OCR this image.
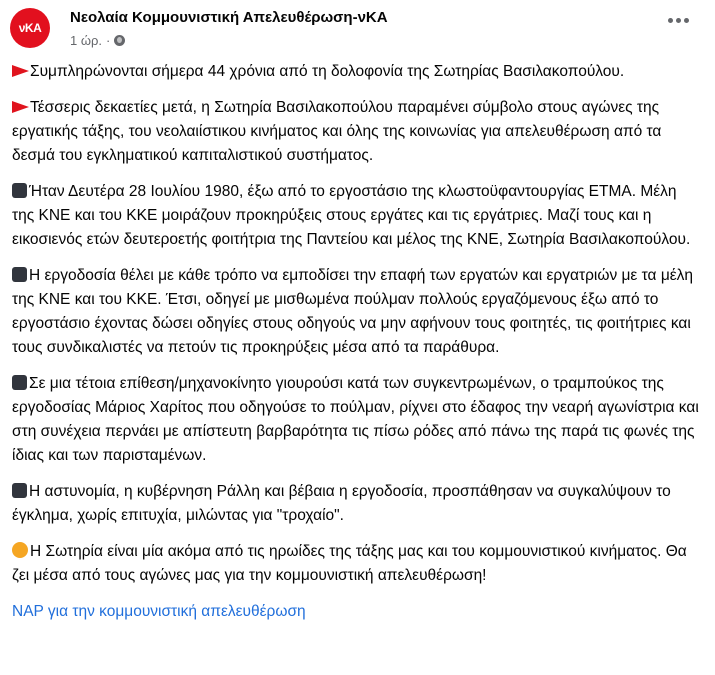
νKA
Νεολαία Κομμουνιστική Απελευθέρωση-νΚΑ
1 ώρ. ·

Συμπληρώνονται σήμερα 44 χρόνια από τη δολοφονία της Σωτηρίας Βασιλακοπούλου.

Τέσσερις δεκαετίες μετά, η Σωτηρία Βασιλακοπούλου παραμένει σύμβολο στους αγώνες της εργατικής τάξης, του νεολαιίστικου κινήματος και όλης της κοινωνίας για απελευθέρωση από τα δεσμά του εγκληματικού καπιταλιστικού συστήματος.

Ήταν Δευτέρα 28 Ιουλίου 1980, έξω από το εργοστάσιο της κλωστοϋφαντουργίας ΕΤΜΑ. Μέλη της ΚΝΕ και του ΚΚΕ μοιράζουν προκηρύξεις στους εργάτες και τις εργάτριες. Μαζί τους και η εικοσιενός ετών δευτεροετής φοιτήτρια της Παντείου και μέλος της ΚΝΕ, Σωτηρία Βασιλακοπούλου.

Η εργοδοσία θέλει με κάθε τρόπο να εμποδίσει την επαφή των εργατών και εργατριών με τα μέλη της ΚΝΕ και του ΚΚΕ. Έτσι, οδηγεί με μισθωμένα πούλμαν πολλούς εργαζόμενους έξω από το εργοστάσιο έχοντας δώσει οδηγίες στους οδηγούς να μην αφήνουν τους φοιτητές, τις φοιτήτριες και τους συνδικαλιστές να πετούν τις προκηρύξεις μέσα από τα παράθυρα.

Σε μια τέτοια επίθεση/μηχανοκίνητο γιουρούσι κατά των συγκεντρωμένων, ο τραμπούκος της εργοδοσίας Μάριος Χαρίτος που οδηγούσε το πούλμαν, ρίχνει στο έδαφος την νεαρή αγωνίστρια και στη συνέχεια περνάει με απίστευτη βαρβαρότητα τις πίσω ρόδες από πάνω της παρά τις φωνές της ίδιας και των παρισταμένων.

Η αστυνομία, η κυβέρνηση Ράλλη και βέβαια η εργοδοσία, προσπάθησαν να συγκαλύψουν το έγκλημα, χωρίς επιτυχία, μιλώντας για "τροχαίο".

Η Σωτηρία είναι μία ακόμα από τις ηρωίδες της τάξης μας και του κομμουνιστικού κινήματος. Θα ζει μέσα από τους αγώνες μας για την κομμουνιστική απελευθέρωση!

ΝΑΡ για την κομμουνιστική απελευθέρωση
